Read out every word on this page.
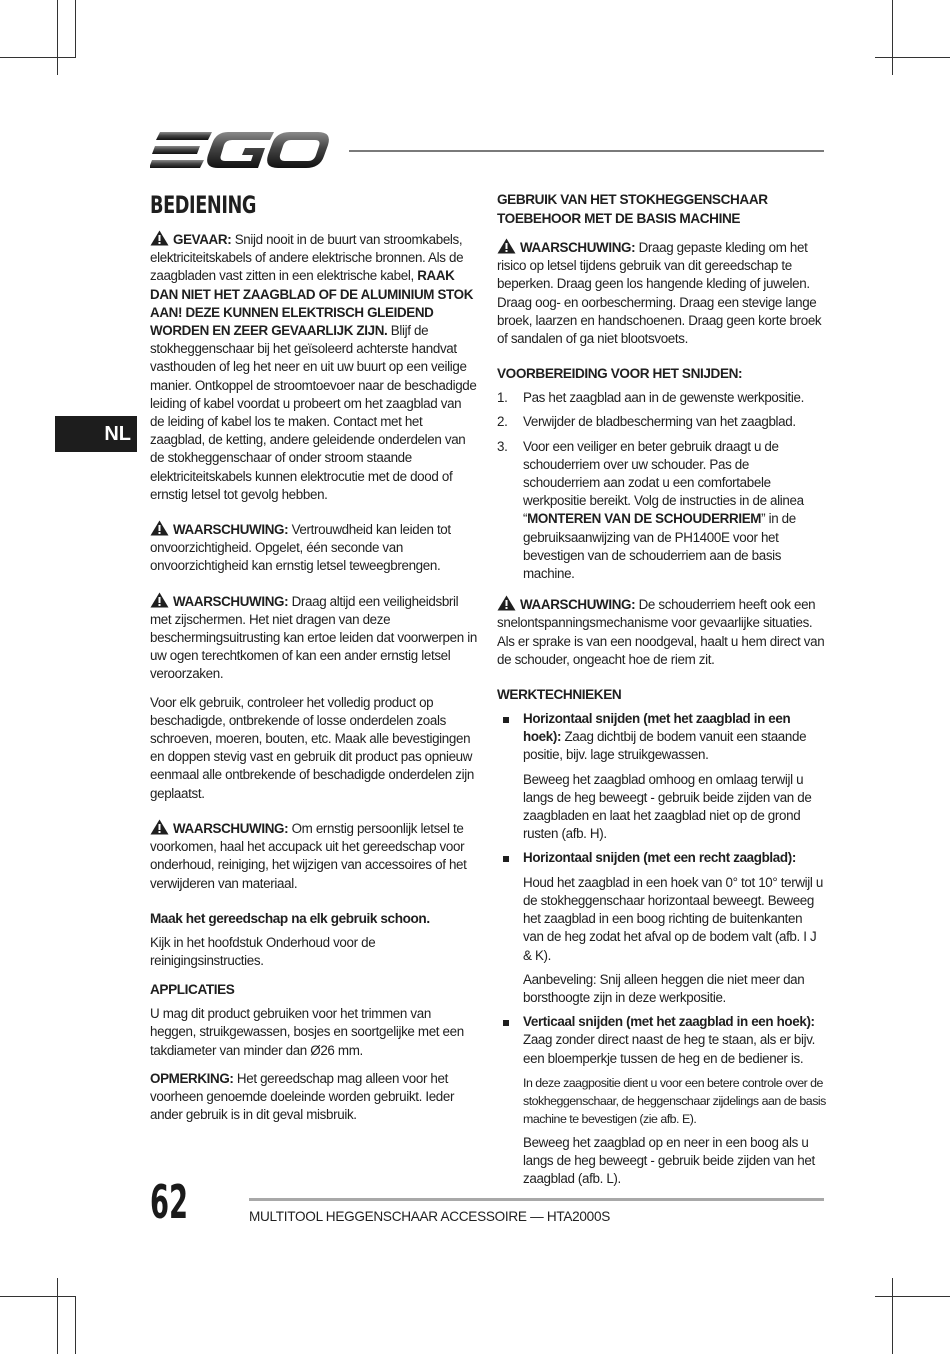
NL
BEDIENING

GEVAAR: Snijd nooit in de buurt van stroomkabels, elektriciteitskabels of andere elektrische bronnen. Als de zaagbladen vast zitten in een elektrische kabel, RAAK DAN NIET HET ZAAGBLAD OF DE ALUMINIUM STOK AAN! DEZE KUNNEN ELEKTRISCH GLEIDEND WORDEN EN ZEER GEVAARLIJK ZIJN. Blijf de stokheggenschaar bij het geïsoleerd achterste handvat vasthouden of leg het neer en uit uw buurt op een veilige manier. Ontkoppel de stroomtoevoer naar de beschadigde leiding of kabel voordat u probeert om het zaagblad van de leiding of kabel los te maken. Contact met het zaagblad, de ketting, andere geleidende onderdelen van de stokheggenschaar of onder stroom staande elektriciteitskabels kunnen elektrocutie met de dood of ernstig letsel tot gevolg hebben.

WAARSCHUWING: Vertrouwdheid kan leiden tot onvoorzichtigheid. Opgelet, één seconde van onvoorzichtigheid kan ernstig letsel teweegbrengen.

WAARSCHUWING: Draag altijd een veiligheidsbril met zijschermen. Het niet dragen van deze beschermingsuitrusting kan ertoe leiden dat voorwerpen in uw ogen terechtkomen of kan een ander ernstig letsel veroorzaken.

Voor elk gebruik, controleer het volledig product op beschadigde, ontbrekende of losse onderdelen zoals schroeven, moeren, bouten, etc. Maak alle bevestigingen en doppen stevig vast en gebruik dit product pas opnieuw eenmaal alle ontbrekende of beschadigde onderdelen zijn geplaatst.

WAARSCHUWING: Om ernstig persoonlijk letsel te voorkomen, haal het accupack uit het gereedschap voor onderhoud, reiniging, het wijzigen van accessoires of het verwijderen van materiaal.

Maak het gereedschap na elk gebruik schoon.

Kijk in het hoofdstuk Onderhoud voor de reinigingsinstructies.

APPLICATIES

U mag dit product gebruiken voor het trimmen van heggen, struikgewassen, bosjes en soortgelijke met een takdiameter van minder dan Ø26 mm.

OPMERKING: Het gereedschap mag alleen voor het voorheen genoemde doeleinde worden gebruikt. Ieder ander gebruik is in dit geval misbruik.

GEBRUIK VAN HET STOKHEGGENSCHAAR TOEBEHOOR MET DE BASIS MACHINE

WAARSCHUWING: Draag gepaste kleding om het risico op letsel tijdens gebruik van dit gereedschap te beperken. Draag geen los hangende kleding of juwelen. Draag oog- en oorbescherming. Draag een stevige lange broek, laarzen en handschoenen. Draag geen korte broek of sandalen of ga niet blootsvoets.

VOORBEREIDING VOOR HET SNIJDEN:
1. Pas het zaagblad aan in de gewenste werkpositie.
2. Verwijder de bladbescherming van het zaagblad.
3. Voor een veiliger en beter gebruik draagt u de schouderriem over uw schouder. Pas de schouderriem aan zodat u een comfortabele werkpositie bereikt. Volg de instructies in de alinea “MONTEREN VAN DE SCHOUDERRIEM” in de gebruiksaanwijzing van de PH1400E voor het bevestigen van de schouderriem aan de basis machine.

WAARSCHUWING: De schouderriem heeft ook een snelontspanningsmechanisme voor gevaarlijke situaties. Als er sprake is van een noodgeval, haalt u hem direct van de schouder, ongeacht hoe de riem zit.

WERKTECHNIEKEN

Horizontaal snijden (met het zaagblad in een hoek): Zaag dichtbij de bodem vanuit een staande positie, bijv. lage struikgewassen.

Beweeg het zaagblad omhoog en omlaag terwijl u langs de heg beweegt - gebruik beide zijden van de zaagbladen en laat het zaagblad niet op de grond rusten (afb. H).

Horizontaal snijden (met een recht zaagblad):

Houd het zaagblad in een hoek van 0° tot 10° terwijl u de stokheggenschaar horizontaal beweegt. Beweeg het zaagblad in een boog richting de buitenkanten van de heg zodat het afval op de bodem valt (afb. I J & K).

Aanbeveling: Snij alleen heggen die niet meer dan borsthoogte zijn in deze werkpositie.

Verticaal snijden (met het zaagblad in een hoek): Zaag zonder direct naast de heg te staan, als er bijv. een bloemperkje tussen de heg en de bediener is.

In deze zaagpositie dient u voor een betere controle over de stokheggenschaar, de heggenschaar zijdelings aan de basis machine te bevestigen (zie afb. E).

Beweeg het zaagblad op en neer in een boog als u langs de heg beweegt - gebruik beide zijden van het zaagblad (afb. L).

62	MULTITOOL HEGGENSCHAAR ACCESSOIRE — HTA2000S
